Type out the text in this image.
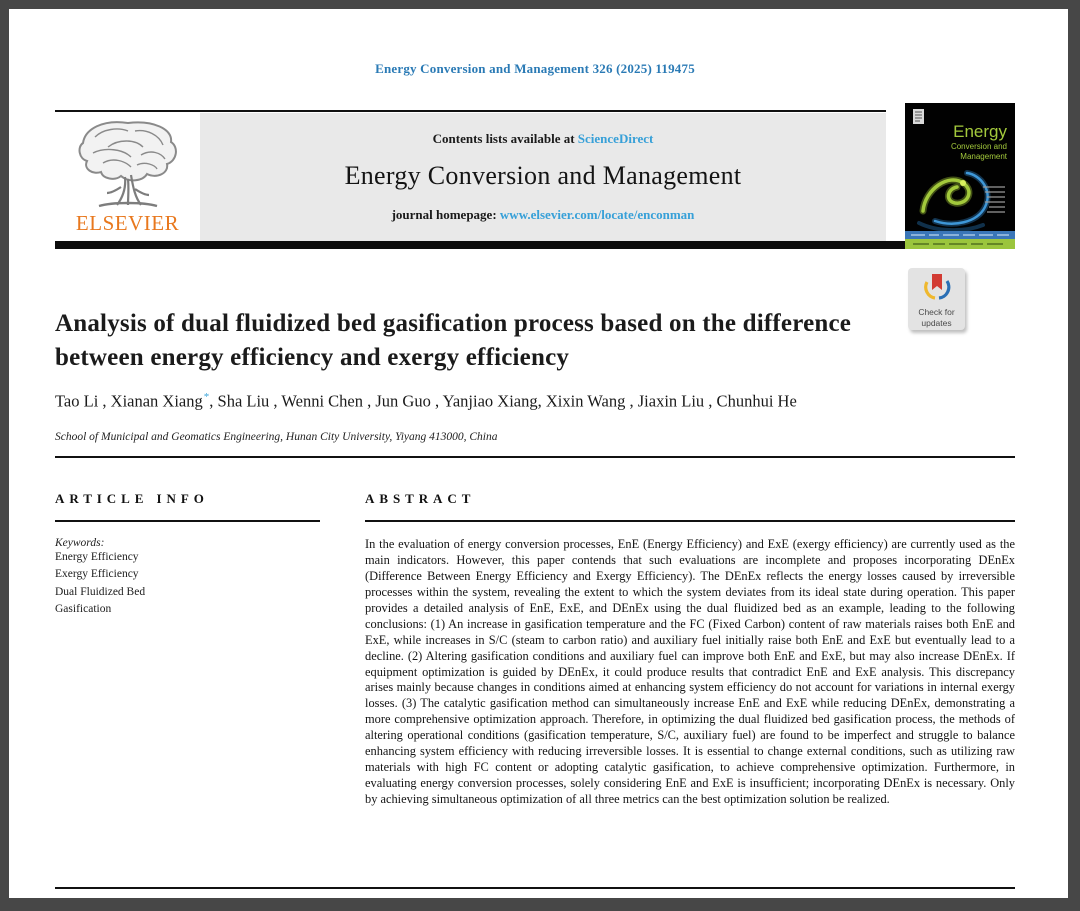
Energy Conversion and Management 326 (2025) 119475
ELSEVIER
Contents lists available at ScienceDirect
Energy Conversion and Management
journal homepage: www.elsevier.com/locate/enconman
Energy
Conversion and
Management
Analysis of dual fluidized bed gasification process based on the difference between energy efficiency and exergy efficiency
Check for
updates
Tao Li , Xianan Xiang*, Sha Liu , Wenni Chen , Jun Guo , Yanjiao Xiang, Xixin Wang , Jiaxin Liu , Chunhui He
School of Municipal and Geomatics Engineering, Hunan City University, Yiyang 413000, China
ARTICLE INFO
Keywords:
Energy Efficiency
Exergy Efficiency
Dual Fluidized Bed
Gasification
ABSTRACT
In the evaluation of energy conversion processes, EnE (Energy Efficiency) and ExE (exergy efficiency) are currently used as the main indicators. However, this paper contends that such evaluations are incomplete and proposes incorporating DEnEx (Difference Between Energy Efficiency and Exergy Efficiency). The DEnEx reflects the energy losses caused by irreversible processes within the system, revealing the extent to which the system deviates from its ideal state during operation. This paper provides a detailed analysis of EnE, ExE, and DEnEx using the dual fluidized bed as an example, leading to the following conclusions: (1) An increase in gasification temperature and the FC (Fixed Carbon) content of raw materials raises both EnE and ExE, while increases in S/C (steam to carbon ratio) and auxiliary fuel initially raise both EnE and ExE but eventually lead to a decline. (2) Altering gasification conditions and auxiliary fuel can improve both EnE and ExE, but may also increase DEnEx. If equipment optimization is guided by DEnEx, it could produce results that contradict EnE and ExE analysis. This discrepancy arises mainly because changes in conditions aimed at enhancing system efficiency do not account for variations in internal exergy losses. (3) The catalytic gasification method can simultaneously increase EnE and ExE while reducing DEnEx, demonstrating a more comprehensive optimization approach. Therefore, in optimizing the dual fluidized bed gasification process, the methods of altering operational conditions (gasification temperature, S/C, auxiliary fuel) are found to be imperfect and struggle to balance enhancing system efficiency with reducing irreversible losses. It is essential to change external conditions, such as utilizing raw materials with high FC content or adopting catalytic gasification, to achieve comprehensive optimization. Furthermore, in evaluating energy conversion processes, solely considering EnE and ExE is insufficient; incorporating DEnEx is necessary. Only by achieving simultaneous optimization of all three metrics can the best optimization solution be realized.
